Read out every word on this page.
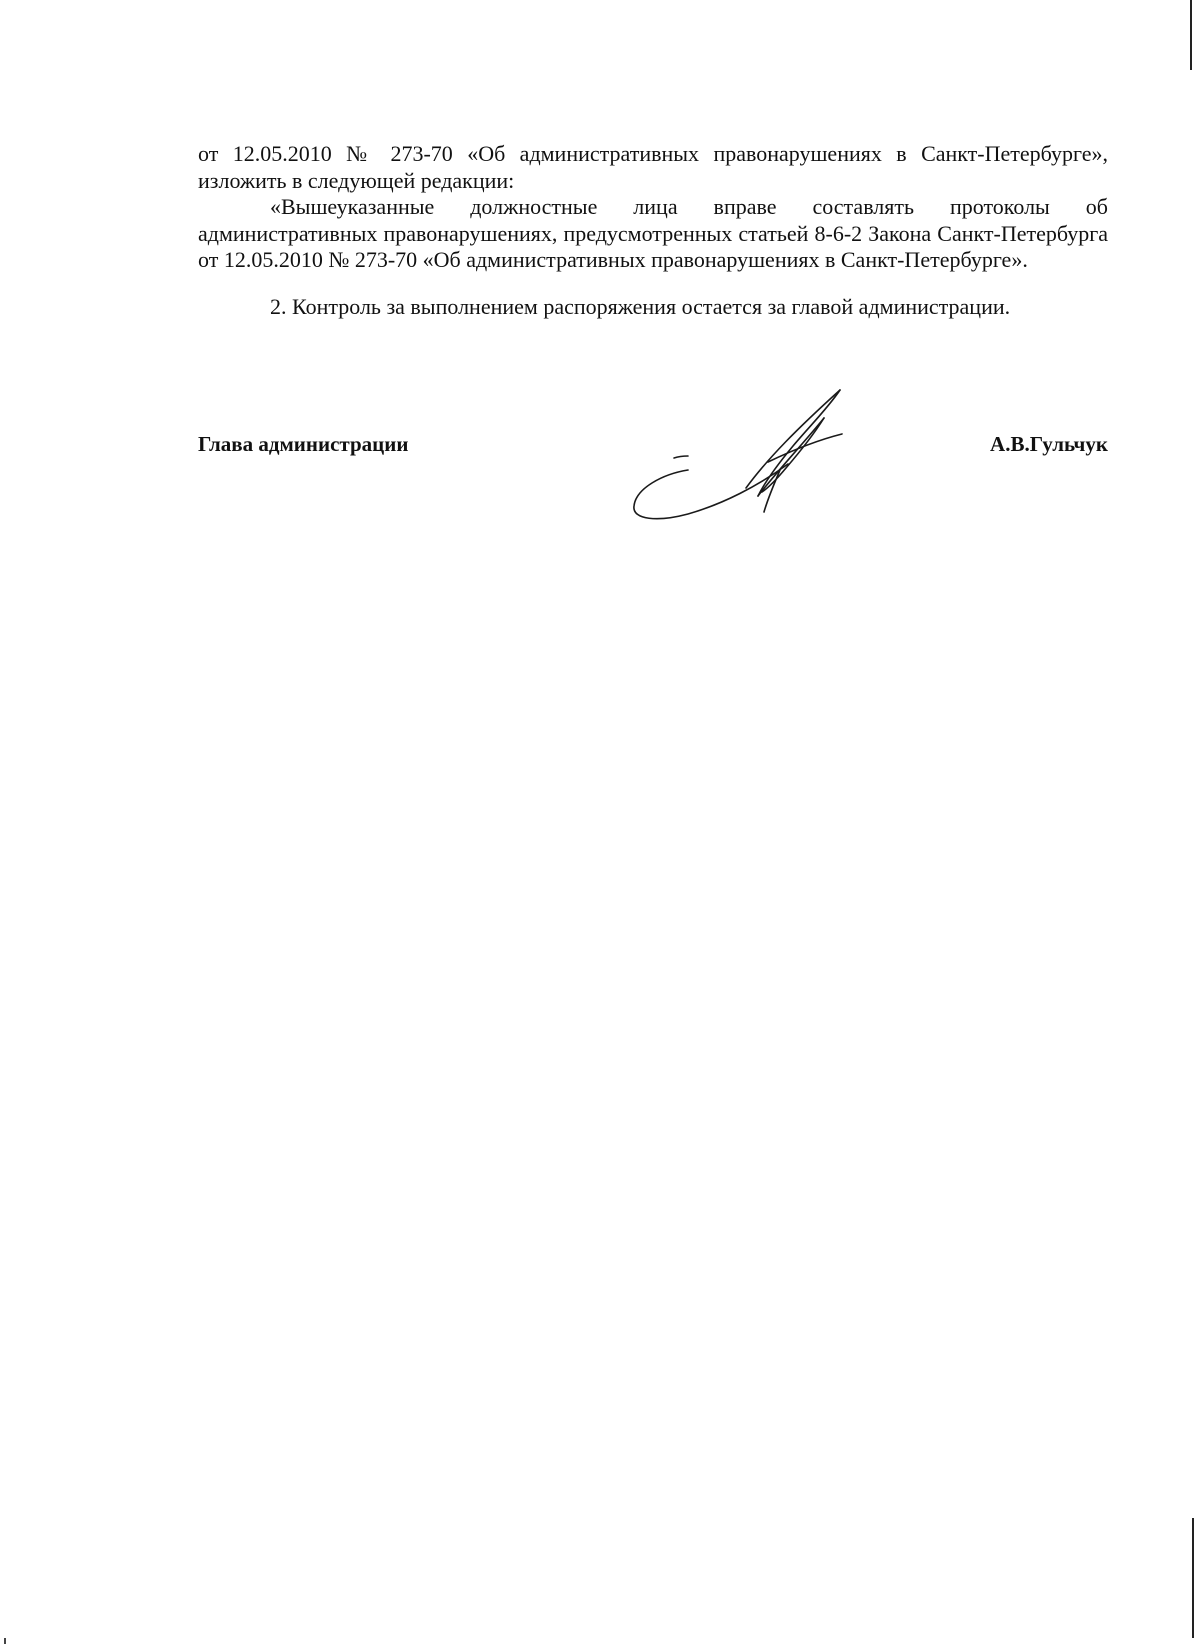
от 12.05.2010 № 273-70 «Об административных правонарушениях в Санкт-Петербурге», изложить в следующей редакции:

«Вышеуказанные должностные лица вправе составлять протоколы об административных правонарушениях, предусмотренных статьей 8-6-2 Закона Санкт-Петербурга от 12.05.2010 № 273-70 «Об административных правонарушениях в Санкт-Петербурге».

2. Контроль за выполнением распоряжения остается за главой администрации.

Глава администрации	А.В.Гульчук
